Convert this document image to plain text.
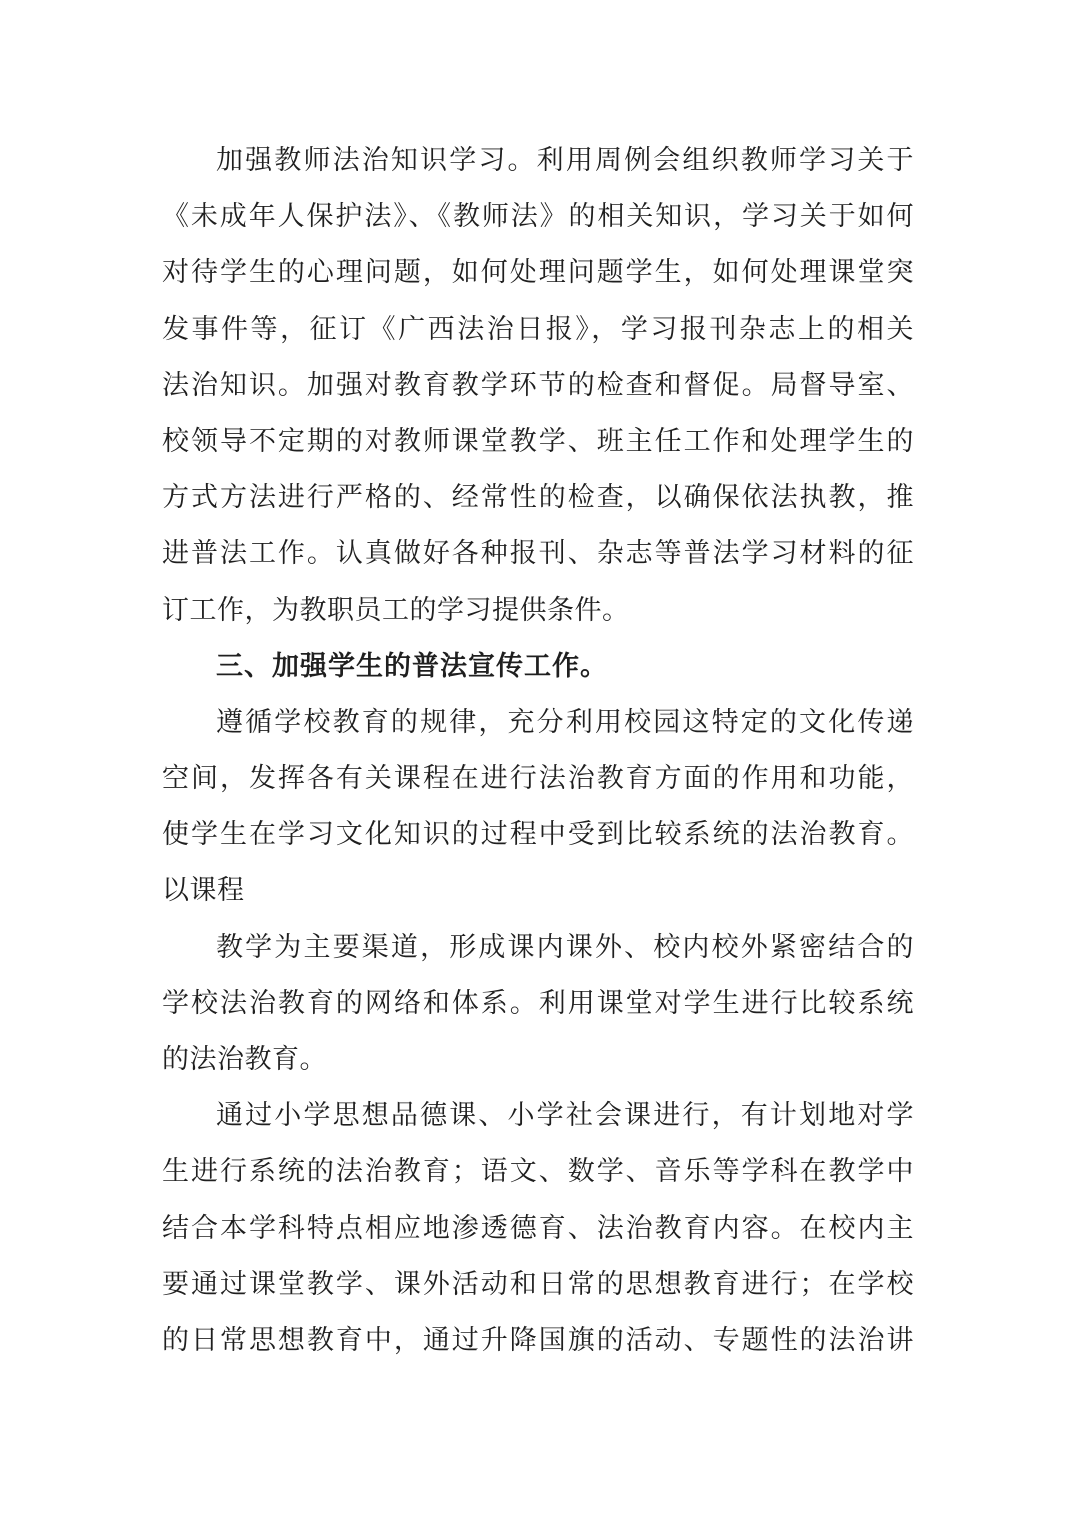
加强教师法治知识学习。利用周例会组织教师学习关于
《未成年人保护法》、《教师法》的相关知识，学习关于如何
对待学生的心理问题，如何处理问题学生，如何处理课堂突
发事件等，征订《广西法治日报》，学习报刊杂志上的相关
法治知识。加强对教育教学环节的检查和督促。局督导室、
校领导不定期的对教师课堂教学、班主任工作和处理学生的
方式方法进行严格的、经常性的检查，以确保依法执教，推
进普法工作。认真做好各种报刊、杂志等普法学习材料的征
订工作，为教职员工的学习提供条件。
三、加强学生的普法宣传工作。
遵循学校教育的规律，充分利用校园这特定的文化传递
空间，发挥各有关课程在进行法治教育方面的作用和功能，
使学生在学习文化知识的过程中受到比较系统的法治教育。
以课程
教学为主要渠道，形成课内课外、校内校外紧密结合的
学校法治教育的网络和体系。利用课堂对学生进行比较系统
的法治教育。
通过小学思想品德课、小学社会课进行，有计划地对学
生进行系统的法治教育；语文、数学、音乐等学科在教学中
结合本学科特点相应地渗透德育、法治教育内容。在校内主
要通过课堂教学、课外活动和日常的思想教育进行；在学校
的日常思想教育中，通过升降国旗的活动、专题性的法治讲
